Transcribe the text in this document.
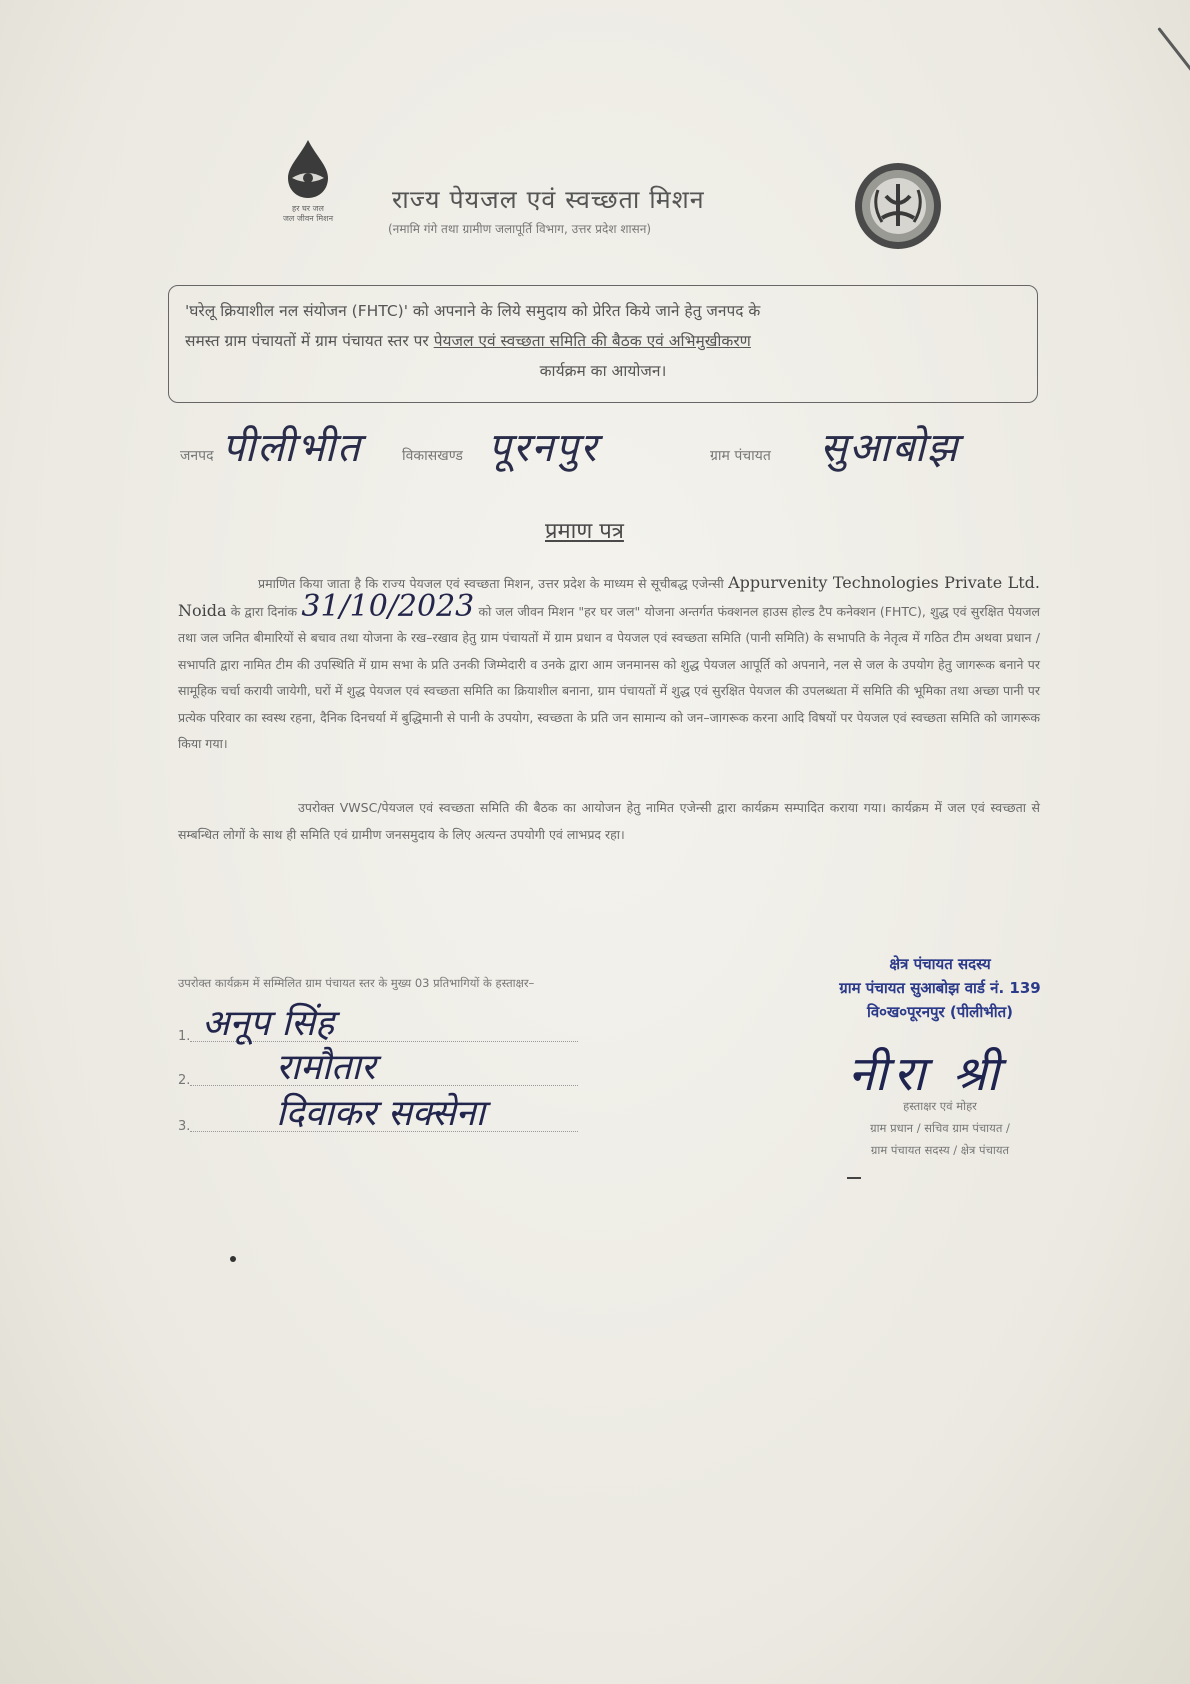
हर घर जल
जल जीवन मिशन
राज्य पेयजल एवं स्वच्छता मिशन
(नमामि गंगे तथा ग्रामीण जलापूर्ति विभाग, उत्तर प्रदेश शासन)
'घरेलू क्रियाशील नल संयोजन (FHTC)' को अपनाने के लिये समुदाय को प्रेरित किये जाने हेतु जनपद के
समस्त ग्राम पंचायतों में ग्राम पंचायत स्तर पर पेयजल एवं स्वच्छता समिति की बैठक एवं अभिमुखीकरण
कार्यक्रम का आयोजन।
जनपद पीलीभीत	विकासखण्ड पूरनपुर	ग्राम पंचायत सुआबोझ
प्रमाण पत्र
प्रमाणित किया जाता है कि राज्य पेयजल एवं स्वच्छता मिशन, उत्तर प्रदेश के माध्यम से सूचीबद्ध एजेन्सी Appurvenity Technologies Private Ltd. Noida के द्वारा दिनांक 31/10/2023 को जल जीवन मिशन "हर घर जल" योजना अन्तर्गत फंक्शनल हाउस होल्ड टैप कनेक्शन (FHTC), शुद्ध एवं सुरक्षित पेयजल तथा जल जनित बीमारियों से बचाव तथा योजना के रख–रखाव हेतु ग्राम पंचायतों में ग्राम प्रधान व पेयजल एवं स्वच्छता समिति (पानी समिति) के सभापति के नेतृत्व में गठित टीम अथवा प्रधान / सभापति द्वारा नामित टीम की उपस्थिति में ग्राम सभा के प्रति उनकी जिम्मेदारी व उनके द्वारा आम जनमानस को शुद्ध पेयजल आपूर्ति को अपनाने, नल से जल के उपयोग हेतु जागरूक बनाने पर सामूहिक चर्चा करायी जायेगी, घरों में शुद्ध पेयजल एवं स्वच्छता समिति का क्रियाशील बनाना, ग्राम पंचायतों में शुद्ध एवं सुरक्षित पेयजल की उपलब्धता में समिति की भूमिका तथा अच्छा पानी पर प्रत्येक परिवार का स्वस्थ रहना, दैनिक दिनचर्या में बुद्धिमानी से पानी के उपयोग, स्वच्छता के प्रति जन सामान्य को जन–जागरूक करना आदि विषयों पर पेयजल एवं स्वच्छता समिति को जागरूक किया गया।
उपरोक्त VWSC/पेयजल एवं स्वच्छता समिति की बैठक का आयोजन हेतु नामित एजेन्सी द्वारा कार्यक्रम सम्पादित कराया गया। कार्यक्रम में जल एवं स्वच्छता से सम्बन्धित लोगों के साथ ही समिति एवं ग्रामीण जनसमुदाय के लिए अत्यन्त उपयोगी एवं लाभप्रद रहा।
उपरोक्त कार्यक्रम में सम्मिलित ग्राम पंचायत स्तर के मुख्य 03 प्रतिभागियों के हस्ताक्षर–
1. अनूप सिंह
2. रामौतार
3. दिवाकर सक्सेना
क्षेत्र पंचायत सदस्य
ग्राम पंचायत सुआबोझ वार्ड नं. 139
वि०ख०पूरनपुर (पीलीभीत)
नीरा श्री
हस्ताक्षर एवं मोहर
ग्राम प्रधान / सचिव ग्राम पंचायत /
ग्राम पंचायत सदस्य / क्षेत्र पंचायत
